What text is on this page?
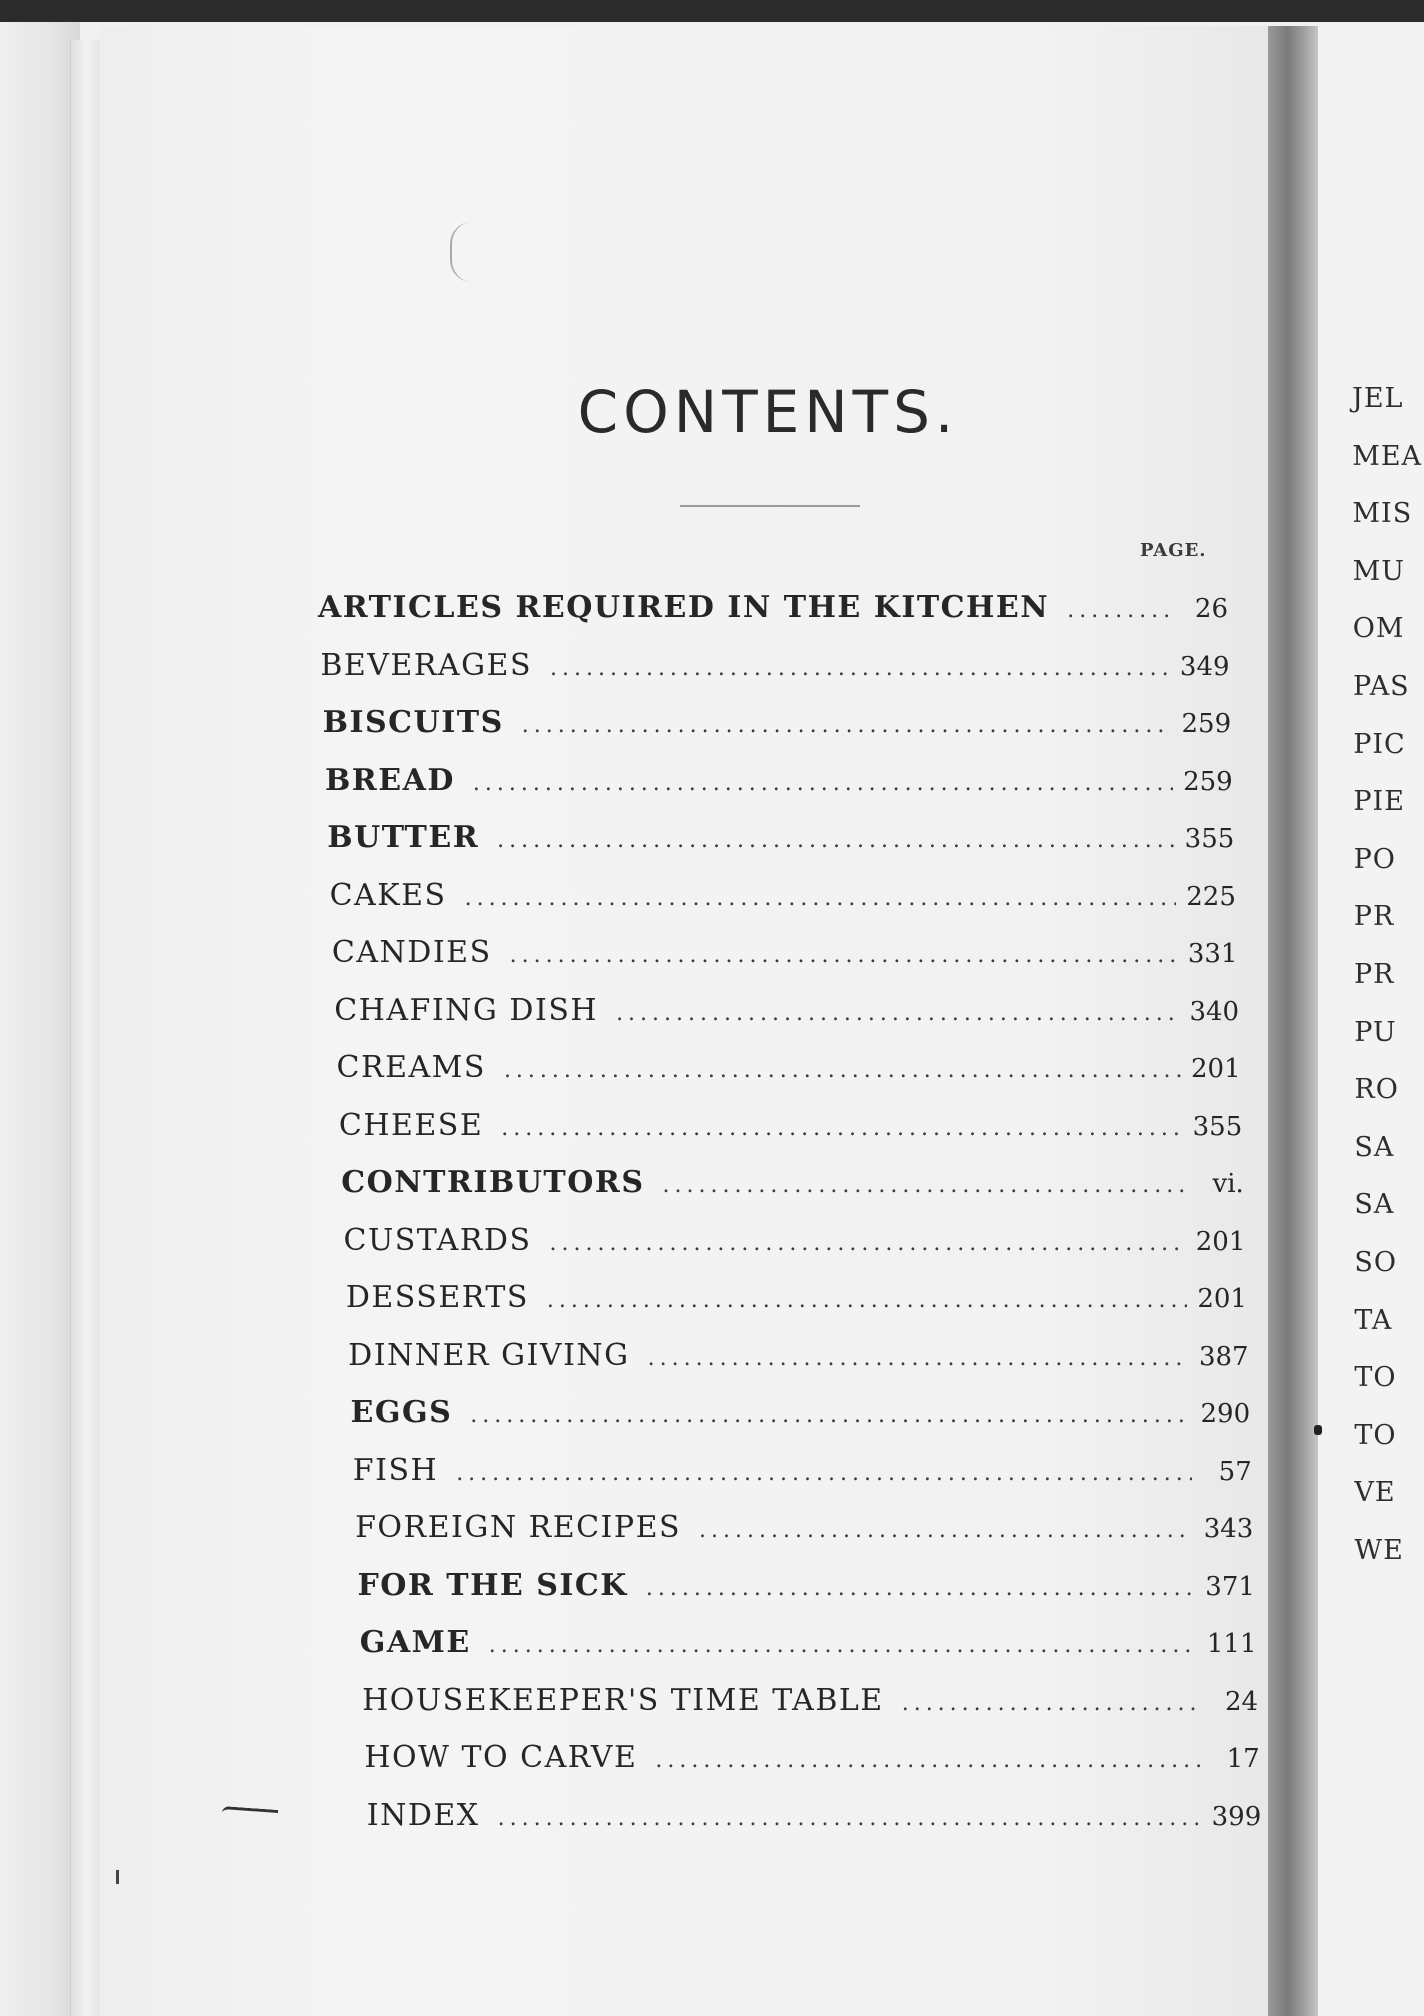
JEL
MEA
MIS
MU
OM
PAS
PIC
PIE
PO
PR
PR
PU
RO
SA
SA
SO
TA
TO
TO
VE
WE
CONTENTS.
PAGE.
ARTICLES REQUIRED IN THE KITCHEN .....	26
BEVERAGES .....	349
BISCUITS .....	259
BREAD .....	259
BUTTER .....	355
CAKES .....	225
CANDIES .....	331
CHAFING DISH .....	340
CREAMS .....	201
CHEESE .....	355
CONTRIBUTORS .....	vi.
CUSTARDS .....	201
DESSERTS .....	201
DINNER GIVING .....	387
EGGS .....	290
FISH .....	57
FOREIGN RECIPES .....	343
FOR THE SICK .....	371
GAME .....	111
HOUSEKEEPER'S TIME TABLE .....	24
HOW TO CARVE .....	17
INDEX .....	399
